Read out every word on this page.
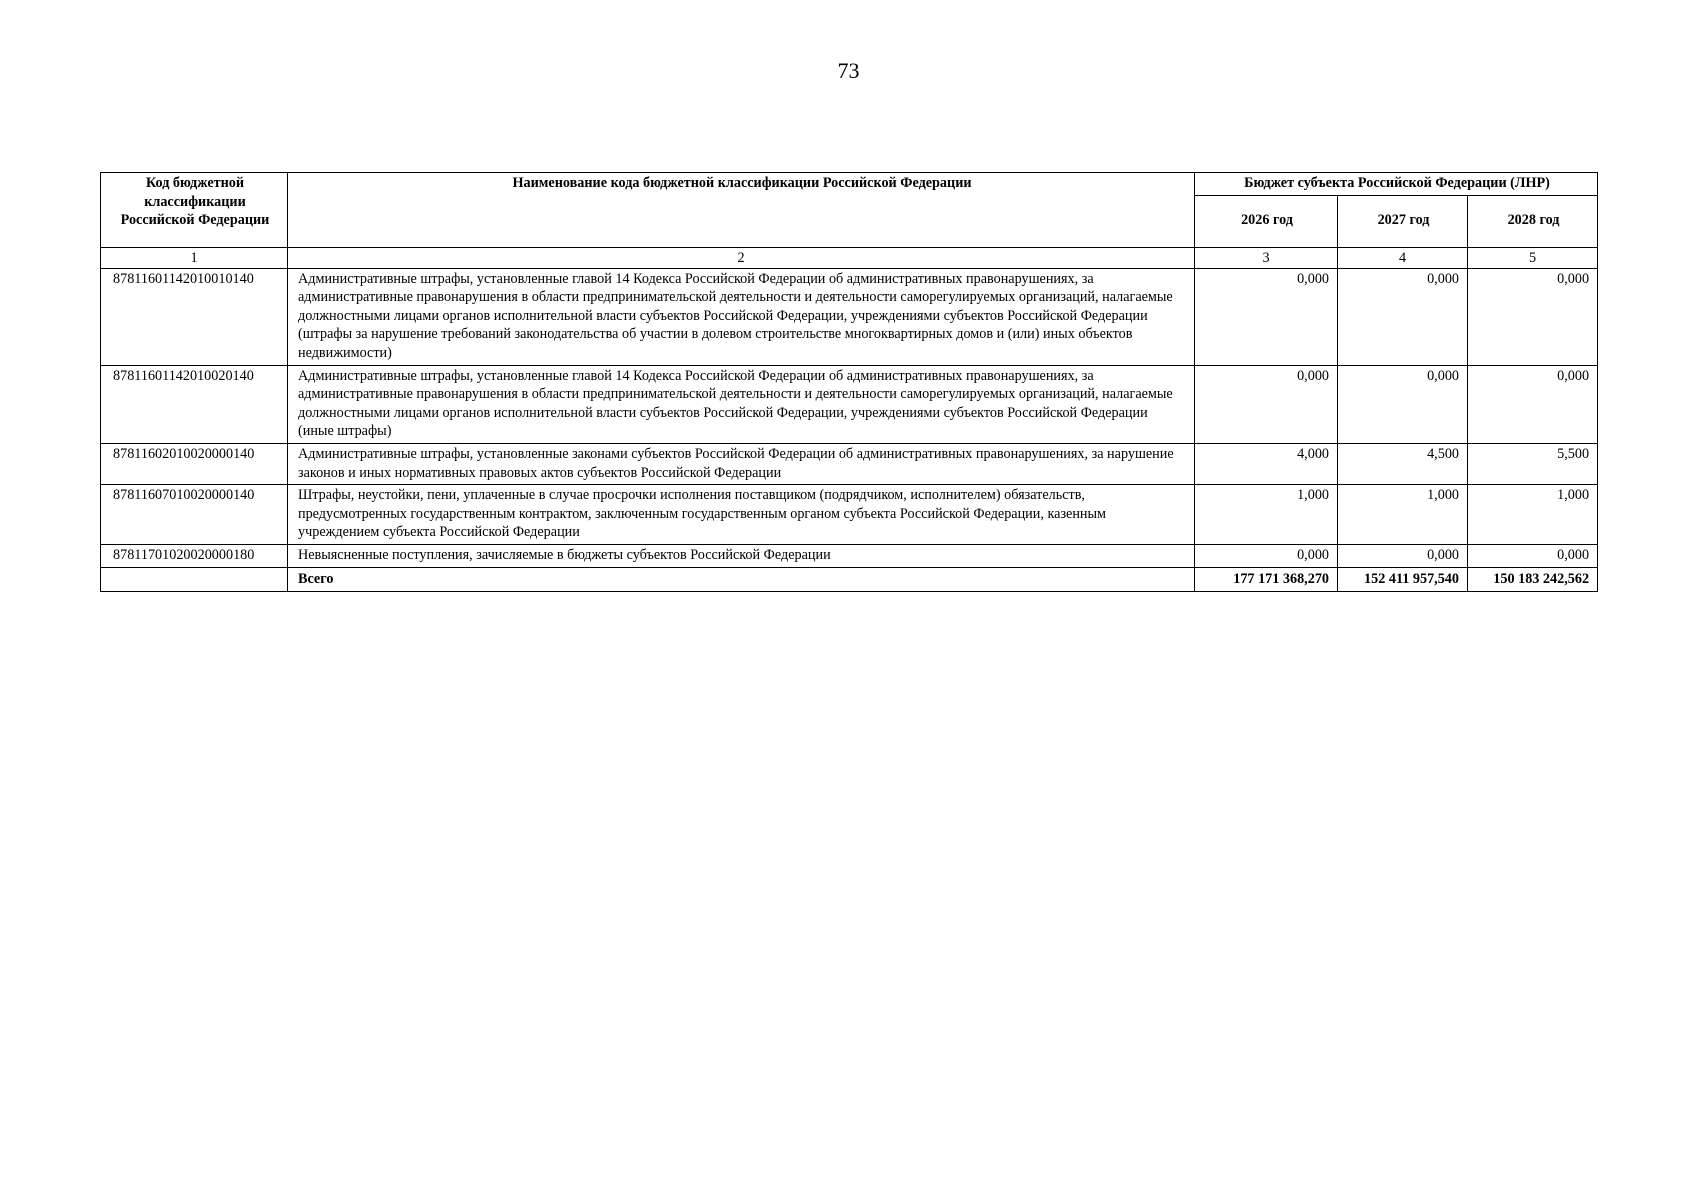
73
Код бюджетной классификации Российской Федерации	Наименование кода бюджетной классификации Российской Федерации	Бюджет субъекта Российской Федерации (ЛНР)		
		2026 год	2027 год	2028 год
1	2	3	4	5
87811601142010010140	Административные штрафы, установленные главой 14 Кодекса Российской Федерации об административных правонарушениях, за административные правонарушения в области предпринимательской деятельности и деятельности саморегулируемых организаций, налагаемые должностными лицами органов исполнительной власти субъектов Российской Федерации, учреждениями субъектов Российской Федерации (штрафы за нарушение требований законодательства об участии в долевом строительстве многоквартирных домов и (или) иных объектов недвижимости)	0,000	0,000	0,000
87811601142010020140	Административные штрафы, установленные главой 14 Кодекса Российской Федерации об административных правонарушениях, за административные правонарушения в области предпринимательской деятельности и деятельности саморегулируемых организаций, налагаемые должностными лицами органов исполнительной власти субъектов Российской Федерации, учреждениями субъектов Российской Федерации (иные штрафы)	0,000	0,000	0,000
87811602010020000140	Административные штрафы, установленные законами субъектов Российской Федерации об административных правонарушениях, за нарушение законов и иных нормативных правовых актов субъектов Российской Федерации	4,000	4,500	5,500
87811607010020000140	Штрафы, неустойки, пени, уплаченные в случае просрочки исполнения поставщиком (подрядчиком, исполнителем) обязательств, предусмотренных государственным контрактом, заключенным государственным органом субъекта Российской Федерации, казенным учреждением субъекта Российской Федерации	1,000	1,000	1,000
87811701020020000180	Невыясненные поступления, зачисляемые в бюджеты субъектов Российской Федерации	0,000	0,000	0,000
	Всего	177 171 368,270	152 411 957,540	150 183 242,562
